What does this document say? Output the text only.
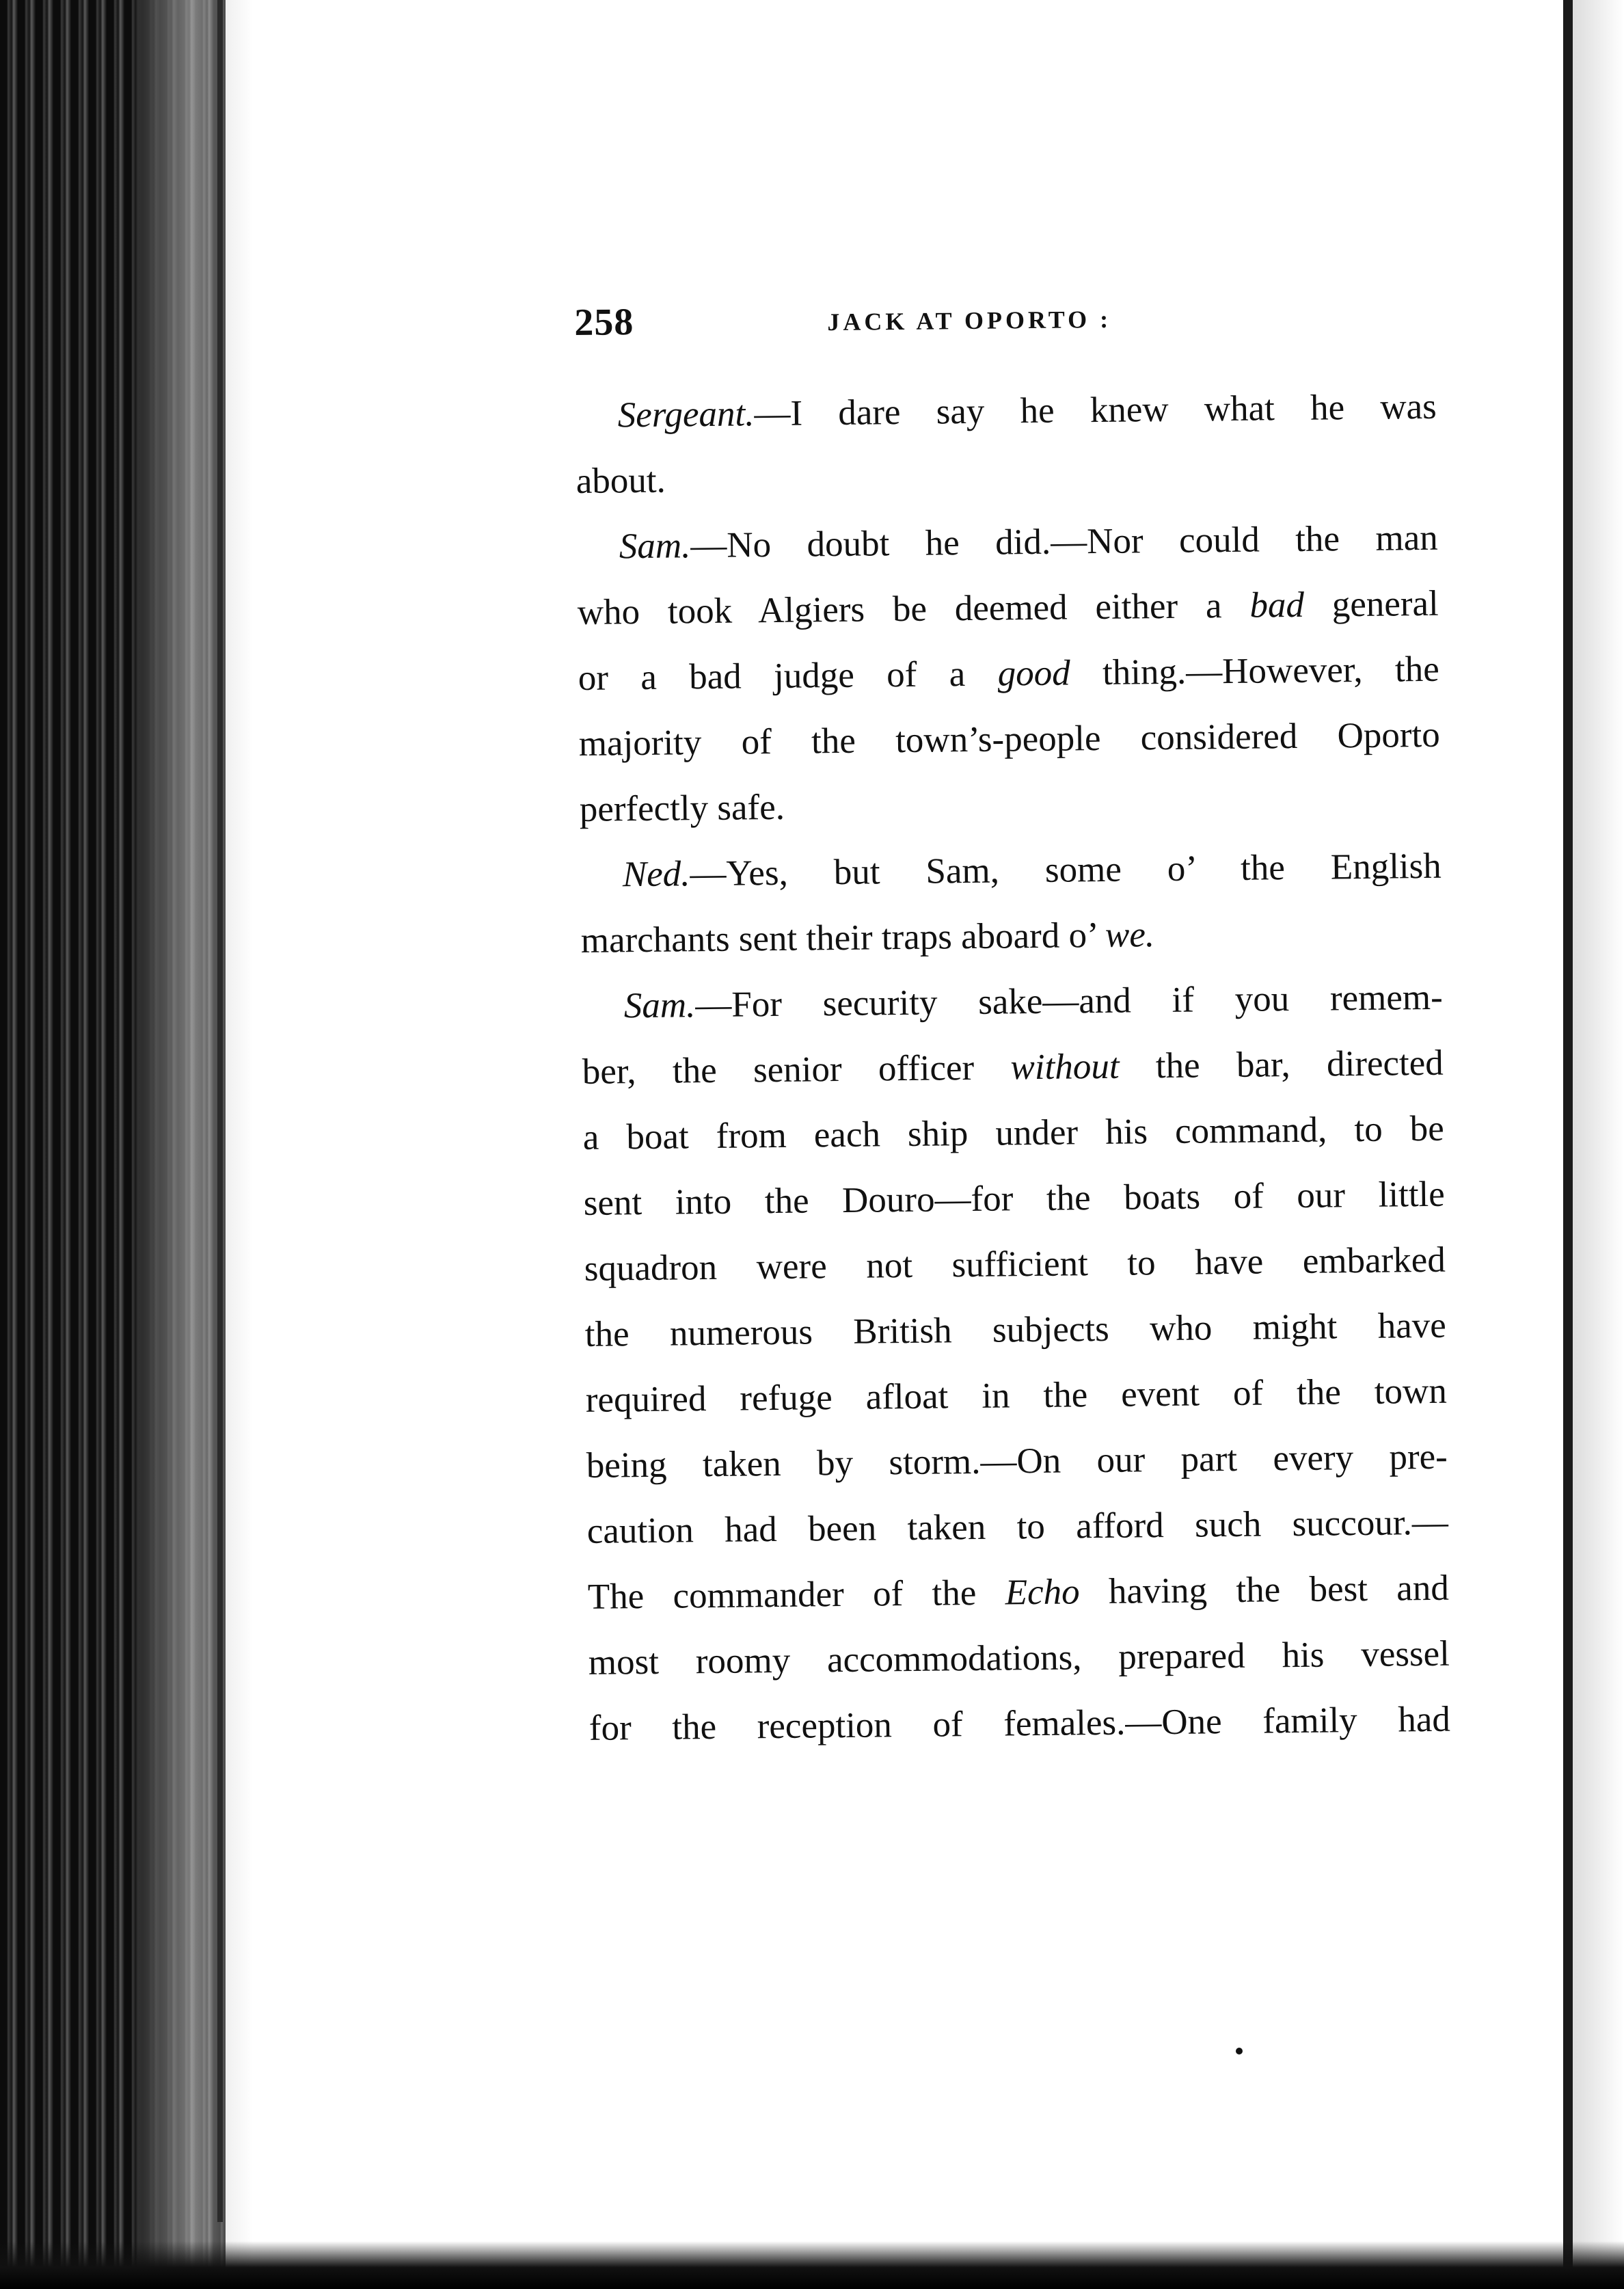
258	JACK AT OPORTO :
Sergeant.—I dare say he knew what he was
about.
Sam.—No doubt he did.—Nor could the man
who took Algiers be deemed either a bad general
or a bad judge of a good thing.—However, the
majority of the town’s-people considered Oporto
perfectly safe.
Ned.—Yes, but Sam, some o’ the English
marchants sent their traps aboard o’ we.
Sam.—For security sake—and if you remem-
ber, the senior officer without the bar, directed
a boat from each ship under his command, to be
sent into the Douro—for the boats of our little
squadron were not sufficient to have embarked
the numerous British subjects who might have
required refuge afloat in the event of the town
being taken by storm.—On our part every pre-
caution had been taken to afford such succour.—
The commander of the Echo having the best and
most roomy accommodations, prepared his vessel
for the reception of females.—One family had
